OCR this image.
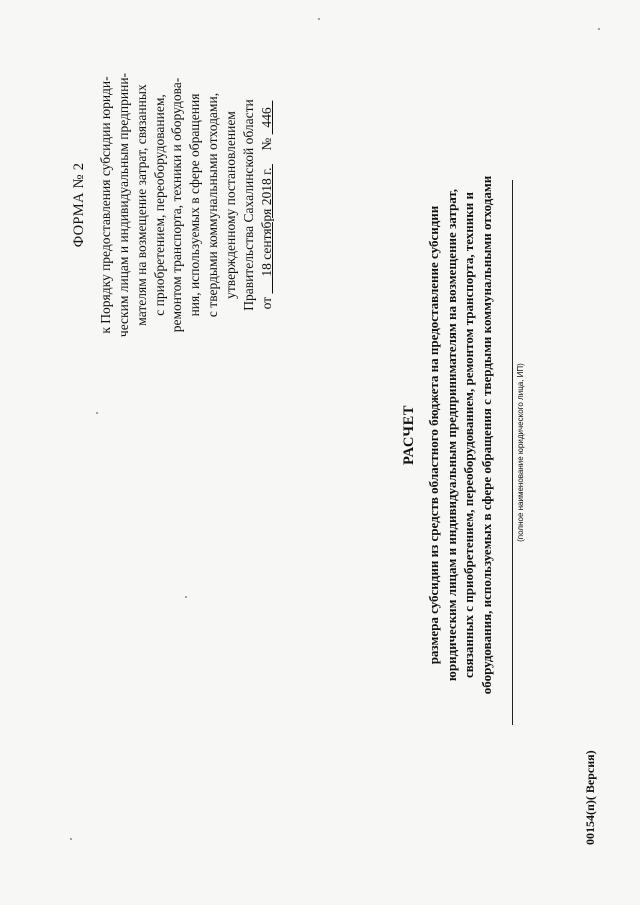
ФОРМА № 2 к Порядку предоставления субсидии юриди- ческим лицам и индивидуальным предприни- мателям на возмещение затрат, связанных с приобретением, переоборудованием, ремонтом транспорта, техники и оборудова- ния, используемых в сфере обращения с твердыми коммунальными отходами, утвержденному постановлением Правительства Сахалинской области от      18 сентября 2018 г.     №   446
РАСЧЕТ размера субсидии из средств областного бюджета на предоставление субсидии юридическим лицам и индивидуальным предпринимателям на возмещение затрат, связанных с приобретением, переоборудованием, ремонтом транспорта, техники и оборудования, используемых в сфере обращения с твердыми коммунальными отходами	(полное наименование юридического лица, ИП)
00154(п)( Версия)
